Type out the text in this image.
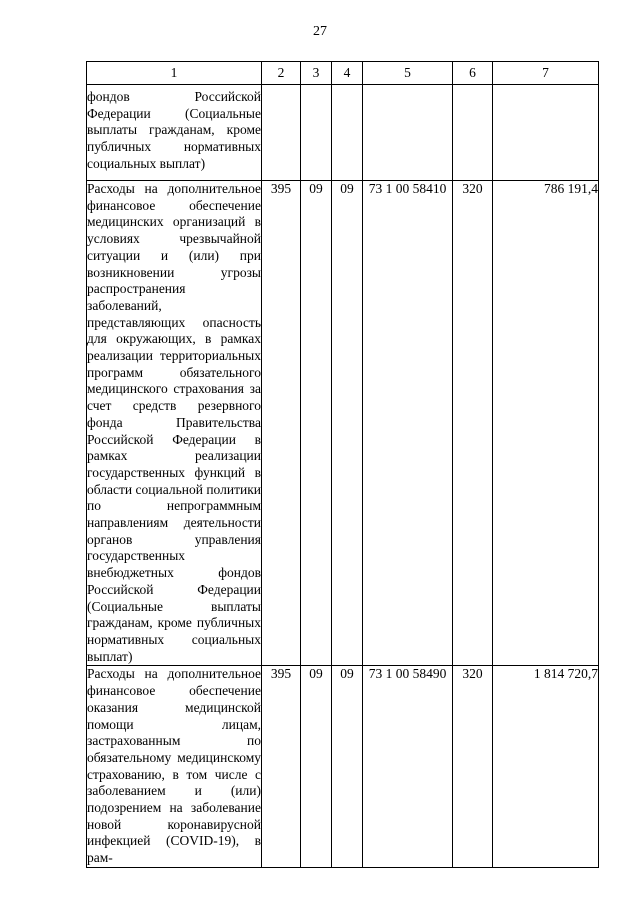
27
1	2	3	4	5	6	7
фондов Российской Федерации (Социальные выплаты гражданам, кроме публичных нормативных социальных выплат)						
Расходы на дополнительное финансовое обеспечение медицинских организаций в условиях чрезвычайной ситуации и (или) при возникновении угрозы распространения заболеваний, представляющих опасность для окружающих, в рамках реализации территориальных программ обязательного медицинского страхования за счет средств резервного фонда Правительства Российской Федерации в рамках реализации государственных функций в области социальной политики по непрограммным направлениям деятельности органов управления государственных внебюджетных фондов Российской Федерации (Социальные выплаты гражданам, кроме публичных нормативных социальных выплат)	395	09	09	73 1 00 58410	320	786 191,4
Расходы на дополнительное финансовое обеспечение оказания медицинской помощи лицам, застрахованным по обязательному медицинскому страхованию, в том числе с заболеванием и (или) подозрением на заболевание новой коронавирусной инфекцией (COVID-19), в рам-	395	09	09	73 1 00 58490	320	1 814 720,7
